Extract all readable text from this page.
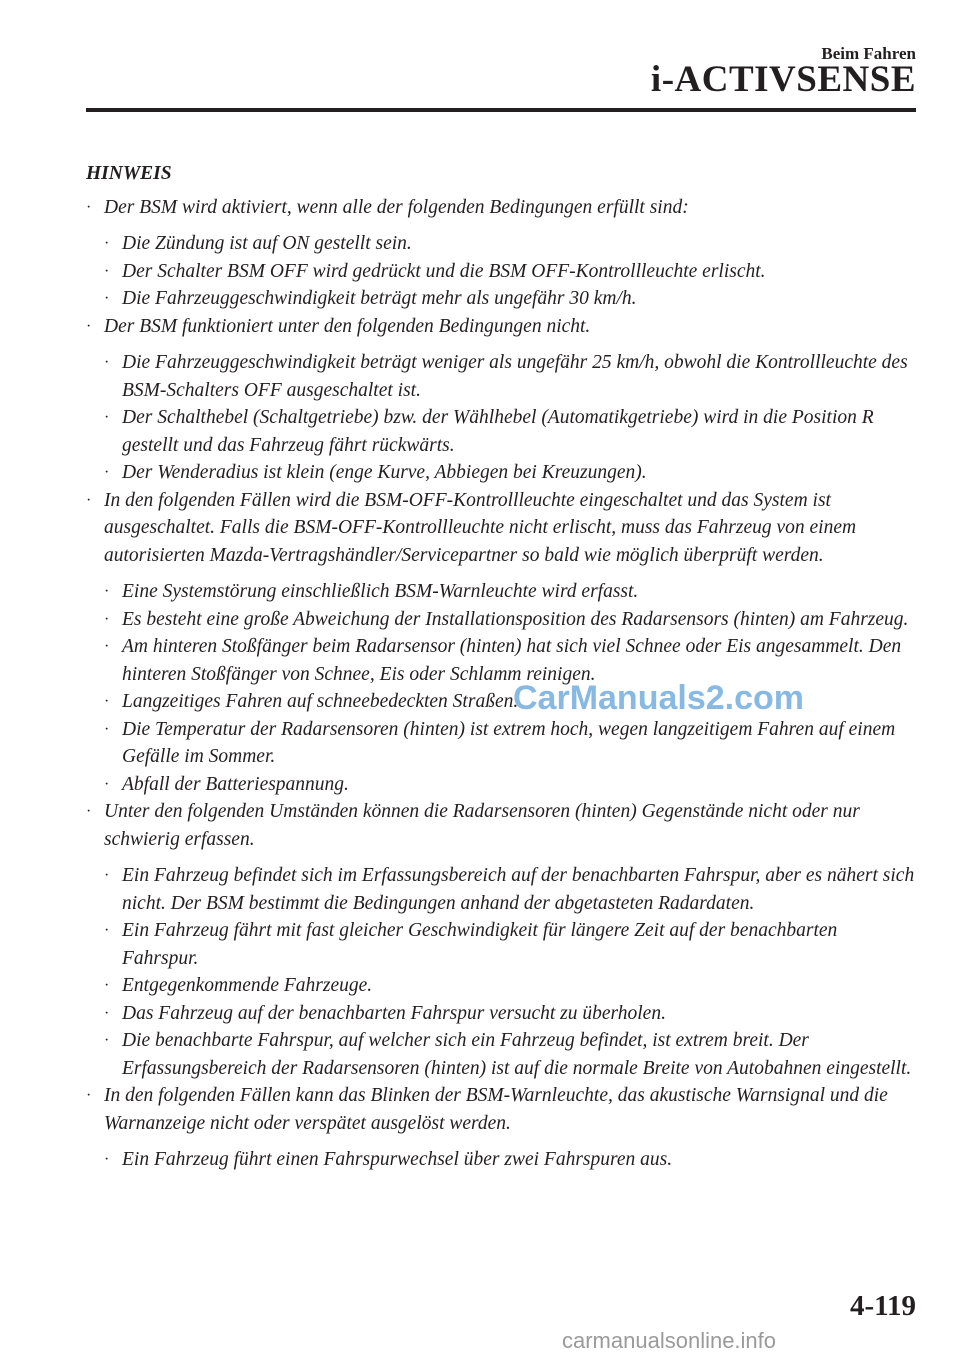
Beim Fahren
i-ACTIVSENSE
HINWEIS
· Der BSM wird aktiviert, wenn alle der folgenden Bedingungen erfüllt sind:
· Die Zündung ist auf ON gestellt sein.
· Der Schalter BSM OFF wird gedrückt und die BSM OFF-Kontrollleuchte erlischt.
· Die Fahrzeuggeschwindigkeit beträgt mehr als ungefähr 30 km/h.
· Der BSM funktioniert unter den folgenden Bedingungen nicht.
· Die Fahrzeuggeschwindigkeit beträgt weniger als ungefähr 25 km/h, obwohl die Kontrollleuchte des BSM-Schalters OFF ausgeschaltet ist.
· Der Schalthebel (Schaltgetriebe) bzw. der Wählhebel (Automatikgetriebe) wird in die Position R gestellt und das Fahrzeug fährt rückwärts.
· Der Wenderadius ist klein (enge Kurve, Abbiegen bei Kreuzungen).
· In den folgenden Fällen wird die BSM-OFF-Kontrollleuchte eingeschaltet und das System ist ausgeschaltet. Falls die BSM-OFF-Kontrollleuchte nicht erlischt, muss das Fahrzeug von einem autorisierten Mazda-Vertragshändler/Servicepartner so bald wie möglich überprüft werden.
· Eine Systemstörung einschließlich BSM-Warnleuchte wird erfasst.
· Es besteht eine große Abweichung der Installationsposition des Radarsensors (hinten) am Fahrzeug.
· Am hinteren Stoßfänger beim Radarsensor (hinten) hat sich viel Schnee oder Eis angesammelt. Den hinteren Stoßfänger von Schnee, Eis oder Schlamm reinigen.
· Langzeitiges Fahren auf schneebedeckten Straßen.
· Die Temperatur der Radarsensoren (hinten) ist extrem hoch, wegen langzeitigem Fahren auf einem Gefälle im Sommer.
· Abfall der Batteriespannung.
· Unter den folgenden Umständen können die Radarsensoren (hinten) Gegenstände nicht oder nur schwierig erfassen.
· Ein Fahrzeug befindet sich im Erfassungsbereich auf der benachbarten Fahrspur, aber es nähert sich nicht. Der BSM bestimmt die Bedingungen anhand der abgetasteten Radardaten.
· Ein Fahrzeug fährt mit fast gleicher Geschwindigkeit für längere Zeit auf der benachbarten Fahrspur.
· Entgegenkommende Fahrzeuge.
· Das Fahrzeug auf der benachbarten Fahrspur versucht zu überholen.
· Die benachbarte Fahrspur, auf welcher sich ein Fahrzeug befindet, ist extrem breit. Der Erfassungsbereich der Radarsensoren (hinten) ist auf die normale Breite von Autobahnen eingestellt.
· In den folgenden Fällen kann das Blinken der BSM-Warnleuchte, das akustische Warnsignal und die Warnanzeige nicht oder verspätet ausgelöst werden.
· Ein Fahrzeug führt einen Fahrspurwechsel über zwei Fahrspuren aus.
CarManuals2.com
4-119
carmanualsonline.info
